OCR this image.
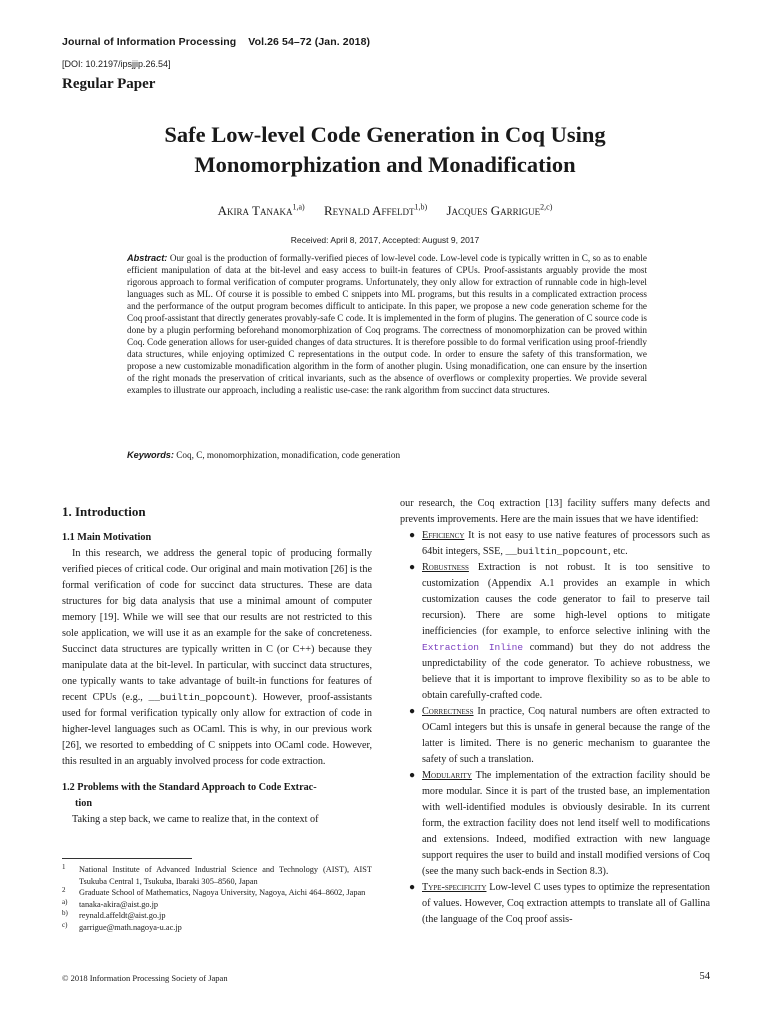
Journal of Information Processing Vol.26 54–72 (Jan. 2018)
[DOI: 10.2197/ipsjjip.26.54]
Regular Paper
Safe Low-level Code Generation in Coq Using
Monomorphization and Monadification
Akira Tanaka$^{1,a)}$ Reynald Affeldt$^{1,b)}$ Jacques Garrigue$^{2,c)}$
Received: April 8, 2017, Accepted: August 9, 2017
Abstract: Our goal is the production of formally-verified pieces of low-level code. Low-level code is typically written in C, so as to enable efficient manipulation of data at the bit-level and easy access to built-in features of CPUs. Proof-assistants arguably provide the most rigorous approach to formal verification of computer programs. Unfortunately, they only allow for extraction of runnable code in high-level languages such as ML. Of course it is possible to embed C snippets into ML programs, but this results in a complicated extraction process and the performance of the output program becomes difficult to anticipate. In this paper, we propose a new code generation scheme for the Coq proof-assistant that directly generates provably-safe C code. It is implemented in the form of plugins. The generation of C source code is done by a plugin performing beforehand monomorphization of Coq programs. The correctness of monomorphization can be proved within Coq. Code generation allows for user-guided changes of data structures. It is therefore possible to do formal verification using proof-friendly data structures, while enjoying optimized C representations in the output code. In order to ensure the safety of this transformation, we propose a new customizable monadification algorithm in the form of another plugin. Using monadification, one can ensure by the insertion of the right monads the preservation of critical invariants, such as the absence of overflows or complexity properties. We provide several examples to illustrate our approach, including a realistic use-case: the rank algorithm from succinct data structures.
Keywords: Coq, C, monomorphization, monadification, code generation
1. Introduction
1.1 Main Motivation

In this research, we address the general topic of producing formally verified pieces of critical code. Our original and main motivation [26] is the formal verification of code for succinct data structures. These are data structures for big data analysis that use a minimal amount of computer memory [19]. While we will see that our results are not restricted to this sole application, we will use it as an example for the sake of concreteness. Succinct data structures are typically written in C (or C++) because they manipulate data at the bit-level. In particular, with succinct data structures, one typically wants to take advantage of built-in functions for features of recent CPUs (e.g., __builtin_popcount). However, proof-assistants used for formal verification typically only allow for extraction of code in higher-level languages such as OCaml. This is why, in our previous work [26], we resorted to embedding of C snippets into OCaml code. However, this resulted in an arguably involved process for code extraction.

1.2 Problems with the Standard Approach to Code Extrac-
tion

Taking a step back, we came to realize that, in the context of

1 National Institute of Advanced Industrial Science and Technology (AIST), AIST Tsukuba Central 1, Tsukuba, Ibaraki 305–8560, Japan
2 Graduate School of Mathematics, Nagoya University, Nagoya, Aichi 464–8602, Japan
a) tanaka-akira@aist.go.jp
b) reynald.affeldt@aist.go.jp
c) garrigue@math.nagoya-u.ac.jp

our research, the Coq extraction [13] facility suffers many defects and prevents improvements. Here are the main issues that we have identified:

● Efficiency It is not easy to use native features of processors such as 64bit integers, SSE, __builtin_popcount, etc.
● Robustness Extraction is not robust. It is too sensitive to customization (Appendix A.1 provides an example in which customization causes the code generator to fail to preserve tail recursion). There are some high-level options to mitigate inefficiencies (for example, to enforce selective inlining with the Extraction Inline command) but they do not address the unpredictability of the code generator. To achieve robustness, we believe that it is important to improve flexibility so as to be able to obtain carefully-crafted code.
● Correctness In practice, Coq natural numbers are often extracted to OCaml integers but this is unsafe in general because the range of the latter is limited. There is no generic mechanism to guarantee the safety of such a translation.
● Modularity The implementation of the extraction facility should be more modular. Since it is part of the trusted base, an implementation with well-identified modules is obviously desirable. In its current form, the extraction facility does not lend itself well to modifications and extensions. Indeed, modified extraction with new language support requires the user to build and install modified versions of Coq (see the many such back-ends in Section 8.3).
● Type-specificity Low-level C uses types to optimize the representation of values. However, Coq extraction attempts to translate all of Gallina (the language of the Coq proof assis-
© 2018 Information Processing Society of Japan	54
